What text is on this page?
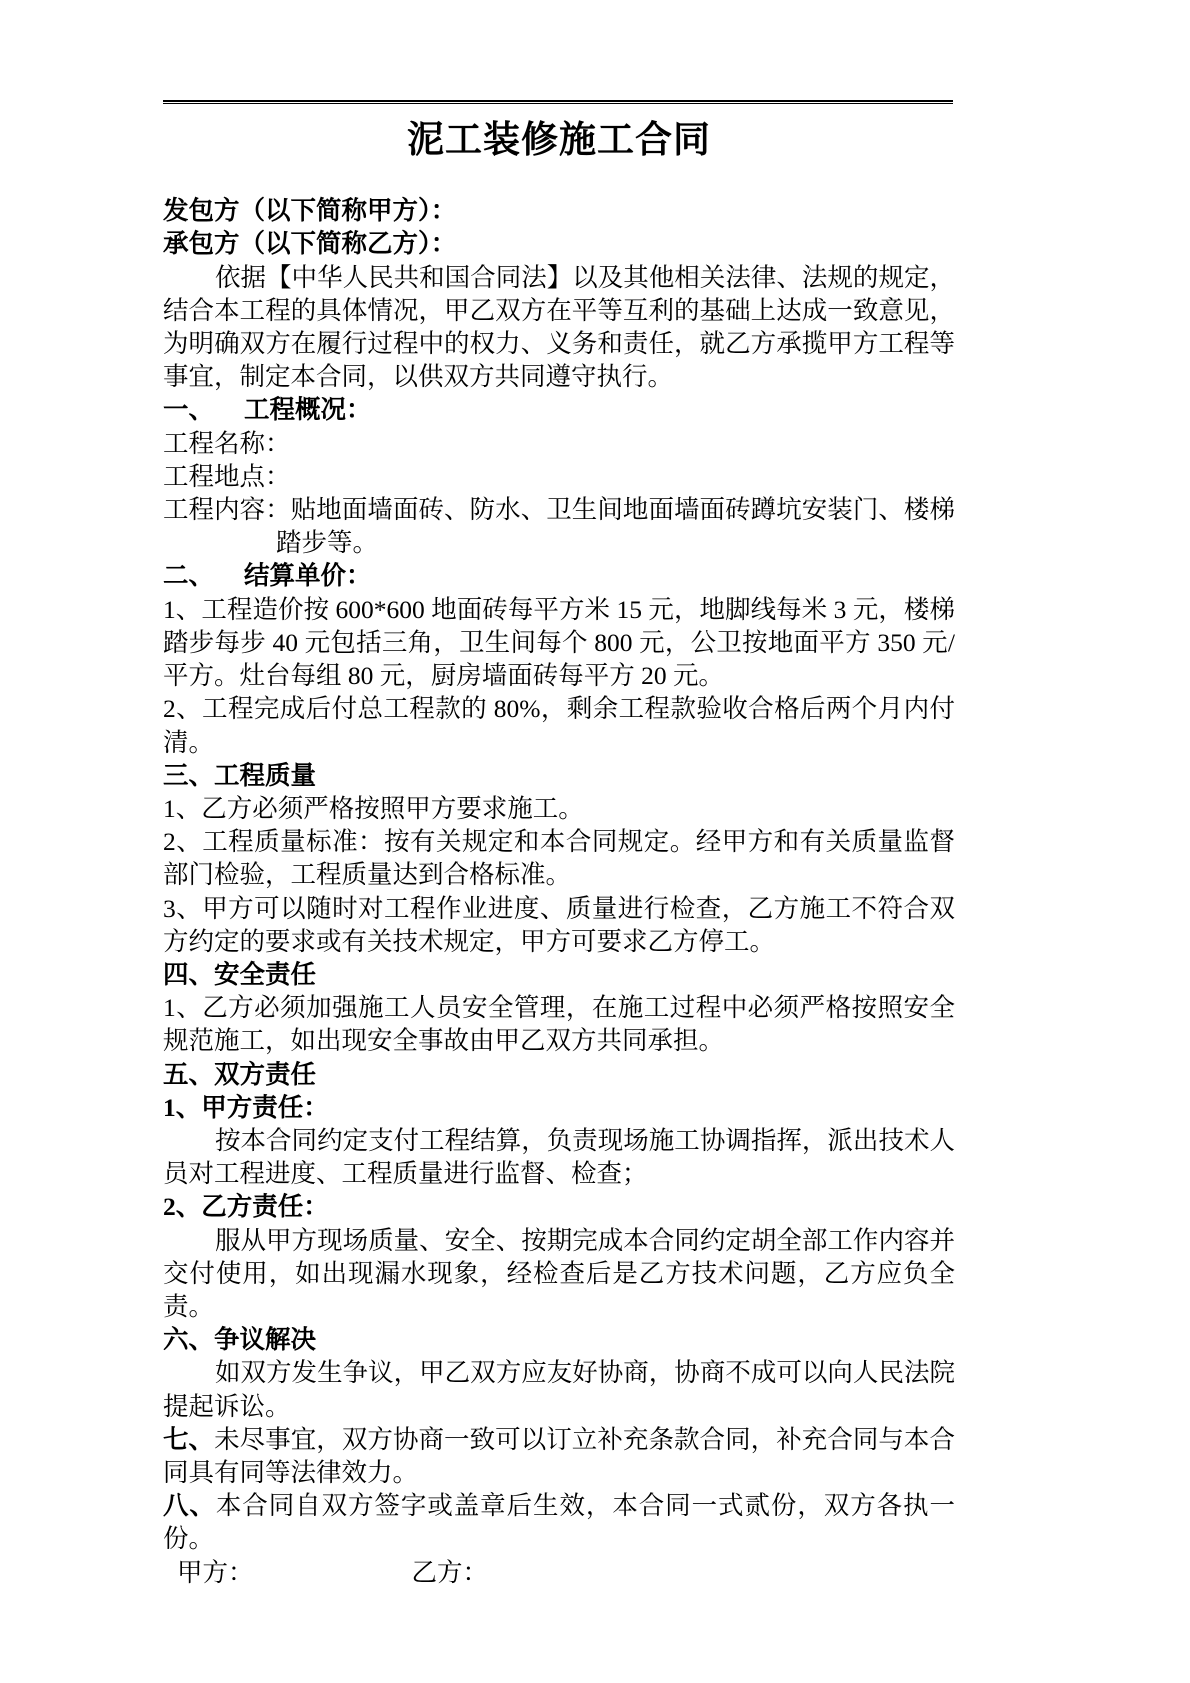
泥工装修施工合同

发包方（以下简称甲方）：

承包方（以下简称乙方）：

依据【中华人民共和国合同法】以及其他相关法律、法规的规定，结合本工程的具体情况，甲乙双方在平等互利的基础上达成一致意见，为明确双方在履行过程中的权力、义务和责任，就乙方承揽甲方工程等事宜，制定本合同，以供双方共同遵守执行。

一、 工程概况：

工程名称：

工程地点：

工程内容：贴地面墙面砖、防水、卫生间地面墙面砖蹲坑安装门、楼梯踏步等。

二、 结算单价：

1、工程造价按 600*600 地面砖每平方米 15 元，地脚线每米 3 元，楼梯踏步每步 40 元包括三角，卫生间每个 800 元，公卫按地面平方 350 元/平方。灶台每组 80 元，厨房墙面砖每平方 20 元。

2、工程完成后付总工程款的 80%，剩余工程款验收合格后两个月内付清。

三、工程质量

1、乙方必须严格按照甲方要求施工。

2、工程质量标准：按有关规定和本合同规定。经甲方和有关质量监督部门检验，工程质量达到合格标准。

3、甲方可以随时对工程作业进度、质量进行检查，乙方施工不符合双方约定的要求或有关技术规定，甲方可要求乙方停工。

四、安全责任

1、乙方必须加强施工人员安全管理，在施工过程中必须严格按照安全规范施工，如出现安全事故由甲乙双方共同承担。

五、双方责任

1、甲方责任：

按本合同约定支付工程结算，负责现场施工协调指挥，派出技术人员对工程进度、工程质量进行监督、检查；

2、乙方责任：

服从甲方现场质量、安全、按期完成本合同约定胡全部工作内容并交付使用，如出现漏水现象，经检查后是乙方技术问题，乙方应负全责。

六、争议解决

如双方发生争议，甲乙双方应友好协商，协商不成可以向人民法院提起诉讼。

七、未尽事宜，双方协商一致可以订立补充条款合同，补充合同与本合同具有同等法律效力。

八、本合同自双方签字或盖章后生效，本合同一式贰份，双方各执一份。

甲方：	乙方：
